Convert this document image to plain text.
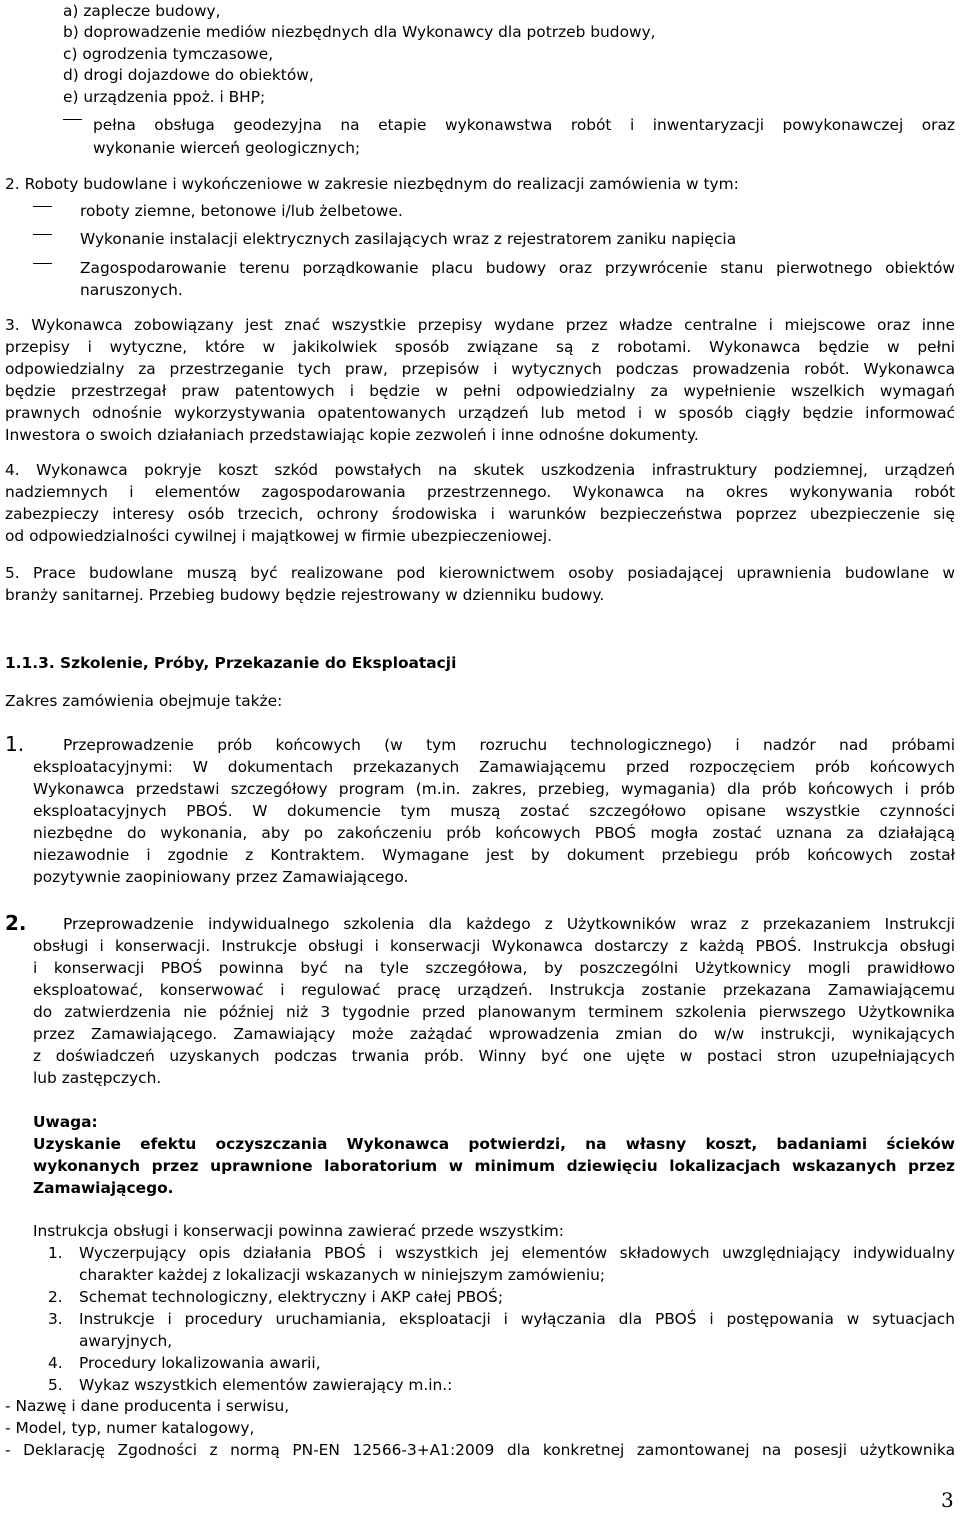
a) zaplecze budowy,
b) doprowadzenie mediów niezbędnych dla Wykonawcy dla potrzeb budowy,
c) ogrodzenia tymczasowe,
d) drogi dojazdowe do obiektów,
e) urządzenia ppoż. i BHP;
pełna obsługa geodezyjna na etapie wykonawstwa robót i inwentaryzacji powykonawczej oraz
wykonanie wierceń geologicznych;
2. Roboty budowlane i wykończeniowe w zakresie niezbędnym do realizacji zamówienia w tym:
roboty ziemne, betonowe i/lub żelbetowe.
Wykonanie instalacji elektrycznych zasilających wraz z rejestratorem zaniku napięcia
Zagospodarowanie terenu porządkowanie placu budowy oraz przywrócenie stanu pierwotnego obiektów
naruszonych.
3. Wykonawca zobowiązany jest znać wszystkie przepisy wydane przez władze centralne i miejscowe oraz inne
przepisy i wytyczne, które w jakikolwiek sposób związane są z robotami. Wykonawca będzie w pełni
odpowiedzialny za przestrzeganie tych praw, przepisów i wytycznych podczas prowadzenia robót. Wykonawca
będzie przestrzegał praw patentowych i będzie w pełni odpowiedzialny za wypełnienie wszelkich wymagań
prawnych odnośnie wykorzystywania opatentowanych urządzeń lub metod i w sposób ciągły będzie informować
Inwestora o swoich działaniach przedstawiając kopie zezwoleń i inne odnośne dokumenty.
4. Wykonawca pokryje koszt szkód powstałych na skutek uszkodzenia infrastruktury podziemnej, urządzeń
nadziemnych i elementów zagospodarowania przestrzennego. Wykonawca na okres wykonywania robót
zabezpieczy interesy osób trzecich, ochrony środowiska i warunków bezpieczeństwa poprzez ubezpieczenie się
od odpowiedzialności cywilnej i majątkowej w firmie ubezpieczeniowej.
5. Prace budowlane muszą być realizowane pod kierownictwem osoby posiadającej uprawnienia budowlane w
branży sanitarnej. Przebieg budowy będzie rejestrowany w dzienniku budowy.
1.1.3. Szkolenie, Próby, Przekazanie do Eksploatacji
Zakres zamówienia obejmuje także:
1.	Przeprowadzenie prób końcowych (w tym rozruchu technologicznego) i nadzór nad próbami
eksploatacyjnymi: W dokumentach przekazanych Zamawiającemu przed rozpoczęciem prób końcowych
Wykonawca przedstawi szczegółowy program (m.in. zakres, przebieg, wymagania) dla prób końcowych i prób
eksploatacyjnych PBOŚ. W dokumencie tym muszą zostać szczegółowo opisane wszystkie czynności
niezbędne do wykonania, aby po zakończeniu prób końcowych PBOŚ mogła zostać uznana za działającą
niezawodnie i zgodnie z Kontraktem. Wymagane jest by dokument przebiegu prób końcowych został
pozytywnie zaopiniowany przez Zamawiającego.
2. Przeprowadzenie indywidualnego szkolenia dla każdego z Użytkowników wraz z przekazaniem Instrukcji
obsługi i konserwacji. Instrukcje obsługi i konserwacji Wykonawca dostarczy z każdą PBOŚ. Instrukcja obsługi
i konserwacji PBOŚ powinna być na tyle szczegółowa, by poszczególni Użytkownicy mogli prawidłowo
eksploatować, konserwować i regulować pracę urządzeń. Instrukcja zostanie przekazana Zamawiającemu
do zatwierdzenia nie później niż 3 tygodnie przed planowanym terminem szkolenia pierwszego Użytkownika
przez Zamawiającego. Zamawiający może zażądać wprowadzenia zmian do w/w instrukcji, wynikających
z doświadczeń uzyskanych podczas trwania prób. Winny być one ujęte w postaci stron uzupełniających
lub zastępczych.
Uwaga:
Uzyskanie efektu oczyszczania Wykonawca potwierdzi, na własny koszt, badaniami ścieków
wykonanych przez uprawnione laboratorium w minimum dziewięciu lokalizacjach wskazanych przez
Zamawiającego.
Instrukcja obsługi i konserwacji powinna zawierać przede wszystkim:
1. Wyczerpujący opis działania PBOŚ i wszystkich jej elementów składowych uwzględniający indywidualny
charakter każdej z lokalizacji wskazanych w niniejszym zamówieniu;
2. Schemat technologiczny, elektryczny i AKP całej PBOŚ;
3. Instrukcje i procedury uruchamiania, eksploatacji i wyłączania dla PBOŚ i postępowania w sytuacjach
awaryjnych,
4. Procedury lokalizowania awarii,
5. Wykaz wszystkich elementów zawierający m.in.:
- Nazwę i dane producenta i serwisu,
- Model, typ, numer katalogowy,
- Deklarację Zgodności z normą PN-EN 12566-3+A1:2009 dla konkretnej zamontowanej na posesji użytkownika
3
